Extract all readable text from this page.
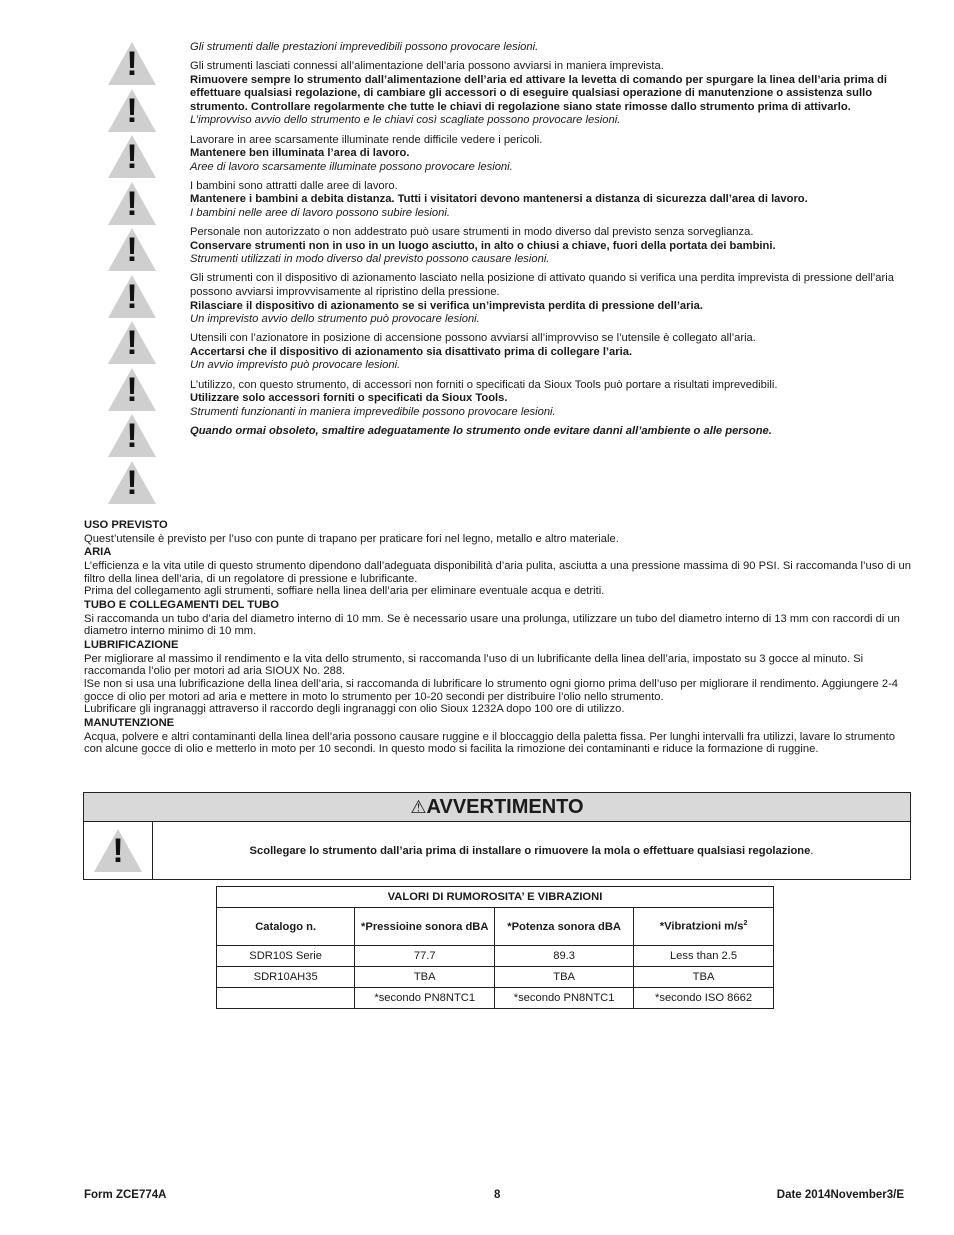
!
!
!
!
!
!
!
!
!
!

Gli strumenti dalle prestazioni imprevedibili possono provocare lesioni.

Gli strumenti lasciati connessi all’alimentazione dell’aria possono avviarsi in maniera imprevista.

Rimuovere sempre lo strumento dall’alimentazione dell’aria ed attivare la levetta di comando per spurgare la linea dell’aria prima di effettuare qualsiasi regolazione, di cambiare gli accessori o di eseguire qualsiasi operazione di manutenzione o assistenza sullo strumento. Controllare regolarmente che tutte le chiavi di regolazione siano state rimosse dallo strumento prima di attivarlo.

L’improvviso avvio dello strumento e le chiavi così scagliate possono provocare lesioni.

Lavorare in aree scarsamente illuminate rende difficile vedere i pericoli.

Mantenere ben illuminata l’area di lavoro.

Aree di lavoro scarsamente illuminate possono provocare lesioni.

I bambini sono attratti dalle aree di lavoro.

Mantenere i bambini a debita distanza. Tutti i visitatori devono mantenersi a distanza di sicurezza dall’area di lavoro.

I bambini nelle aree di lavoro possono subire lesioni.

Personale non autorizzato o non addestrato può usare strumenti in modo diverso dal previsto senza sorveglianza.

Conservare strumenti non in uso in un luogo asciutto, in alto o chiusi a chiave, fuori della portata dei bambini.

Strumenti utilizzati in modo diverso dal previsto possono causare lesioni.

Gli strumenti con il dispositivo di azionamento lasciato nella posizione di attivato quando si verifica una perdita imprevista di pressione dell’aria possono avviarsi improvvisamente al ripristino della pressione.

Rilasciare il dispositivo di azionamento se si verifica un’imprevista perdita di pressione dell’aria.

Un imprevisto avvio dello strumento può provocare lesioni.

Utensili con l’azionatore in posizione di accensione possono avviarsi all’improvviso se l’utensile è collegato all’aria.

Accertarsi che il dispositivo di azionamento sia disattivato prima di collegare l’aria.

Un avvio imprevisto può provocare lesioni.

L’utilizzo, con questo strumento, di accessori non forniti o specificati da Sioux Tools può portare a risultati imprevedibili.

Utilizzare solo accessori forniti o specificati da Sioux Tools.

Strumenti funzionanti in maniera imprevedibile possono provocare lesioni.

Quando ormai obsoleto, smaltire adeguatamente lo strumento onde evitare danni all’ambiente o alle persone.

USO PREVISTO

Quest’utensile è previsto per l’uso con punte di trapano per praticare fori nel legno, metallo e altro materiale.

ARIA

L’efficienza e la vita utile di questo strumento dipendono dall’adeguata disponibilità d’aria pulita, asciutta a una pressione massima di 90 PSI. Si raccomanda l’uso di un filtro della linea dell’aria, di un regolatore di pressione e lubrificante.

Prima del collegamento agli strumenti, soffiare nella linea dell’aria per eliminare eventuale acqua e detriti.

TUBO E COLLEGAMENTI DEL TUBO

Si raccomanda un tubo d’aria del diametro interno di 10 mm. Se è necessario usare una prolunga, utilizzare un tubo del diametro interno di 13 mm con raccordi di un diametro interno minimo di 10 mm.

LUBRIFICAZIONE

Per migliorare al massimo il rendimento e la vita dello strumento, si raccomanda l’uso di un lubrificante della linea dell’aria, impostato su 3 gocce al minuto. Si raccomanda l’olio per motori ad aria SIOUX No. 288.

lSe non si usa una lubrificazione della linea dell’aria, si raccomanda di lubrificare lo strumento ogni giorno prima dell’uso per migliorare il rendimento. Aggiungere 2-4 gocce di olio per motori ad aria e mettere in moto lo strumento per 10-20 secondi per distribuire l’olio nello strumento.

Lubrificare gli ingranaggi attraverso il raccordo degli ingranaggi con olio Sioux 1232A dopo 100 ore di utilizzo.

MANUTENZIONE

Acqua, polvere e altri contaminanti della linea dell’aria possono causare ruggine e il bloccaggio della paletta fissa. Per lunghi intervalli fra utilizzi, lavare lo strumento con alcune gocce di olio e metterlo in moto per 10 secondi. In questo modo si facilita la rimozione dei contaminanti e riduce la formazione di ruggine.

⚠AVVERTIMENTO
!	Scollegare lo strumento dall’aria prima di installare o rimuovere la mola o effettuare qualsiasi regolazione .
VALORI DI RUMOROSITA’ E VIBRAZIONI			
Catalogo n.	*Pressioine sonora dBA	*Potenza sonora dBA	*Vibratzioni $m/s^2$
SDR10S Serie	77.7	89.3	Less than 2.5
SDR10AH35	TBA	TBA	TBA
	*secondo PN8NTC1	*secondo PN8NTC1	*secondo ISO 8662
Form ZCE774A	8	Date 2014November3/E
